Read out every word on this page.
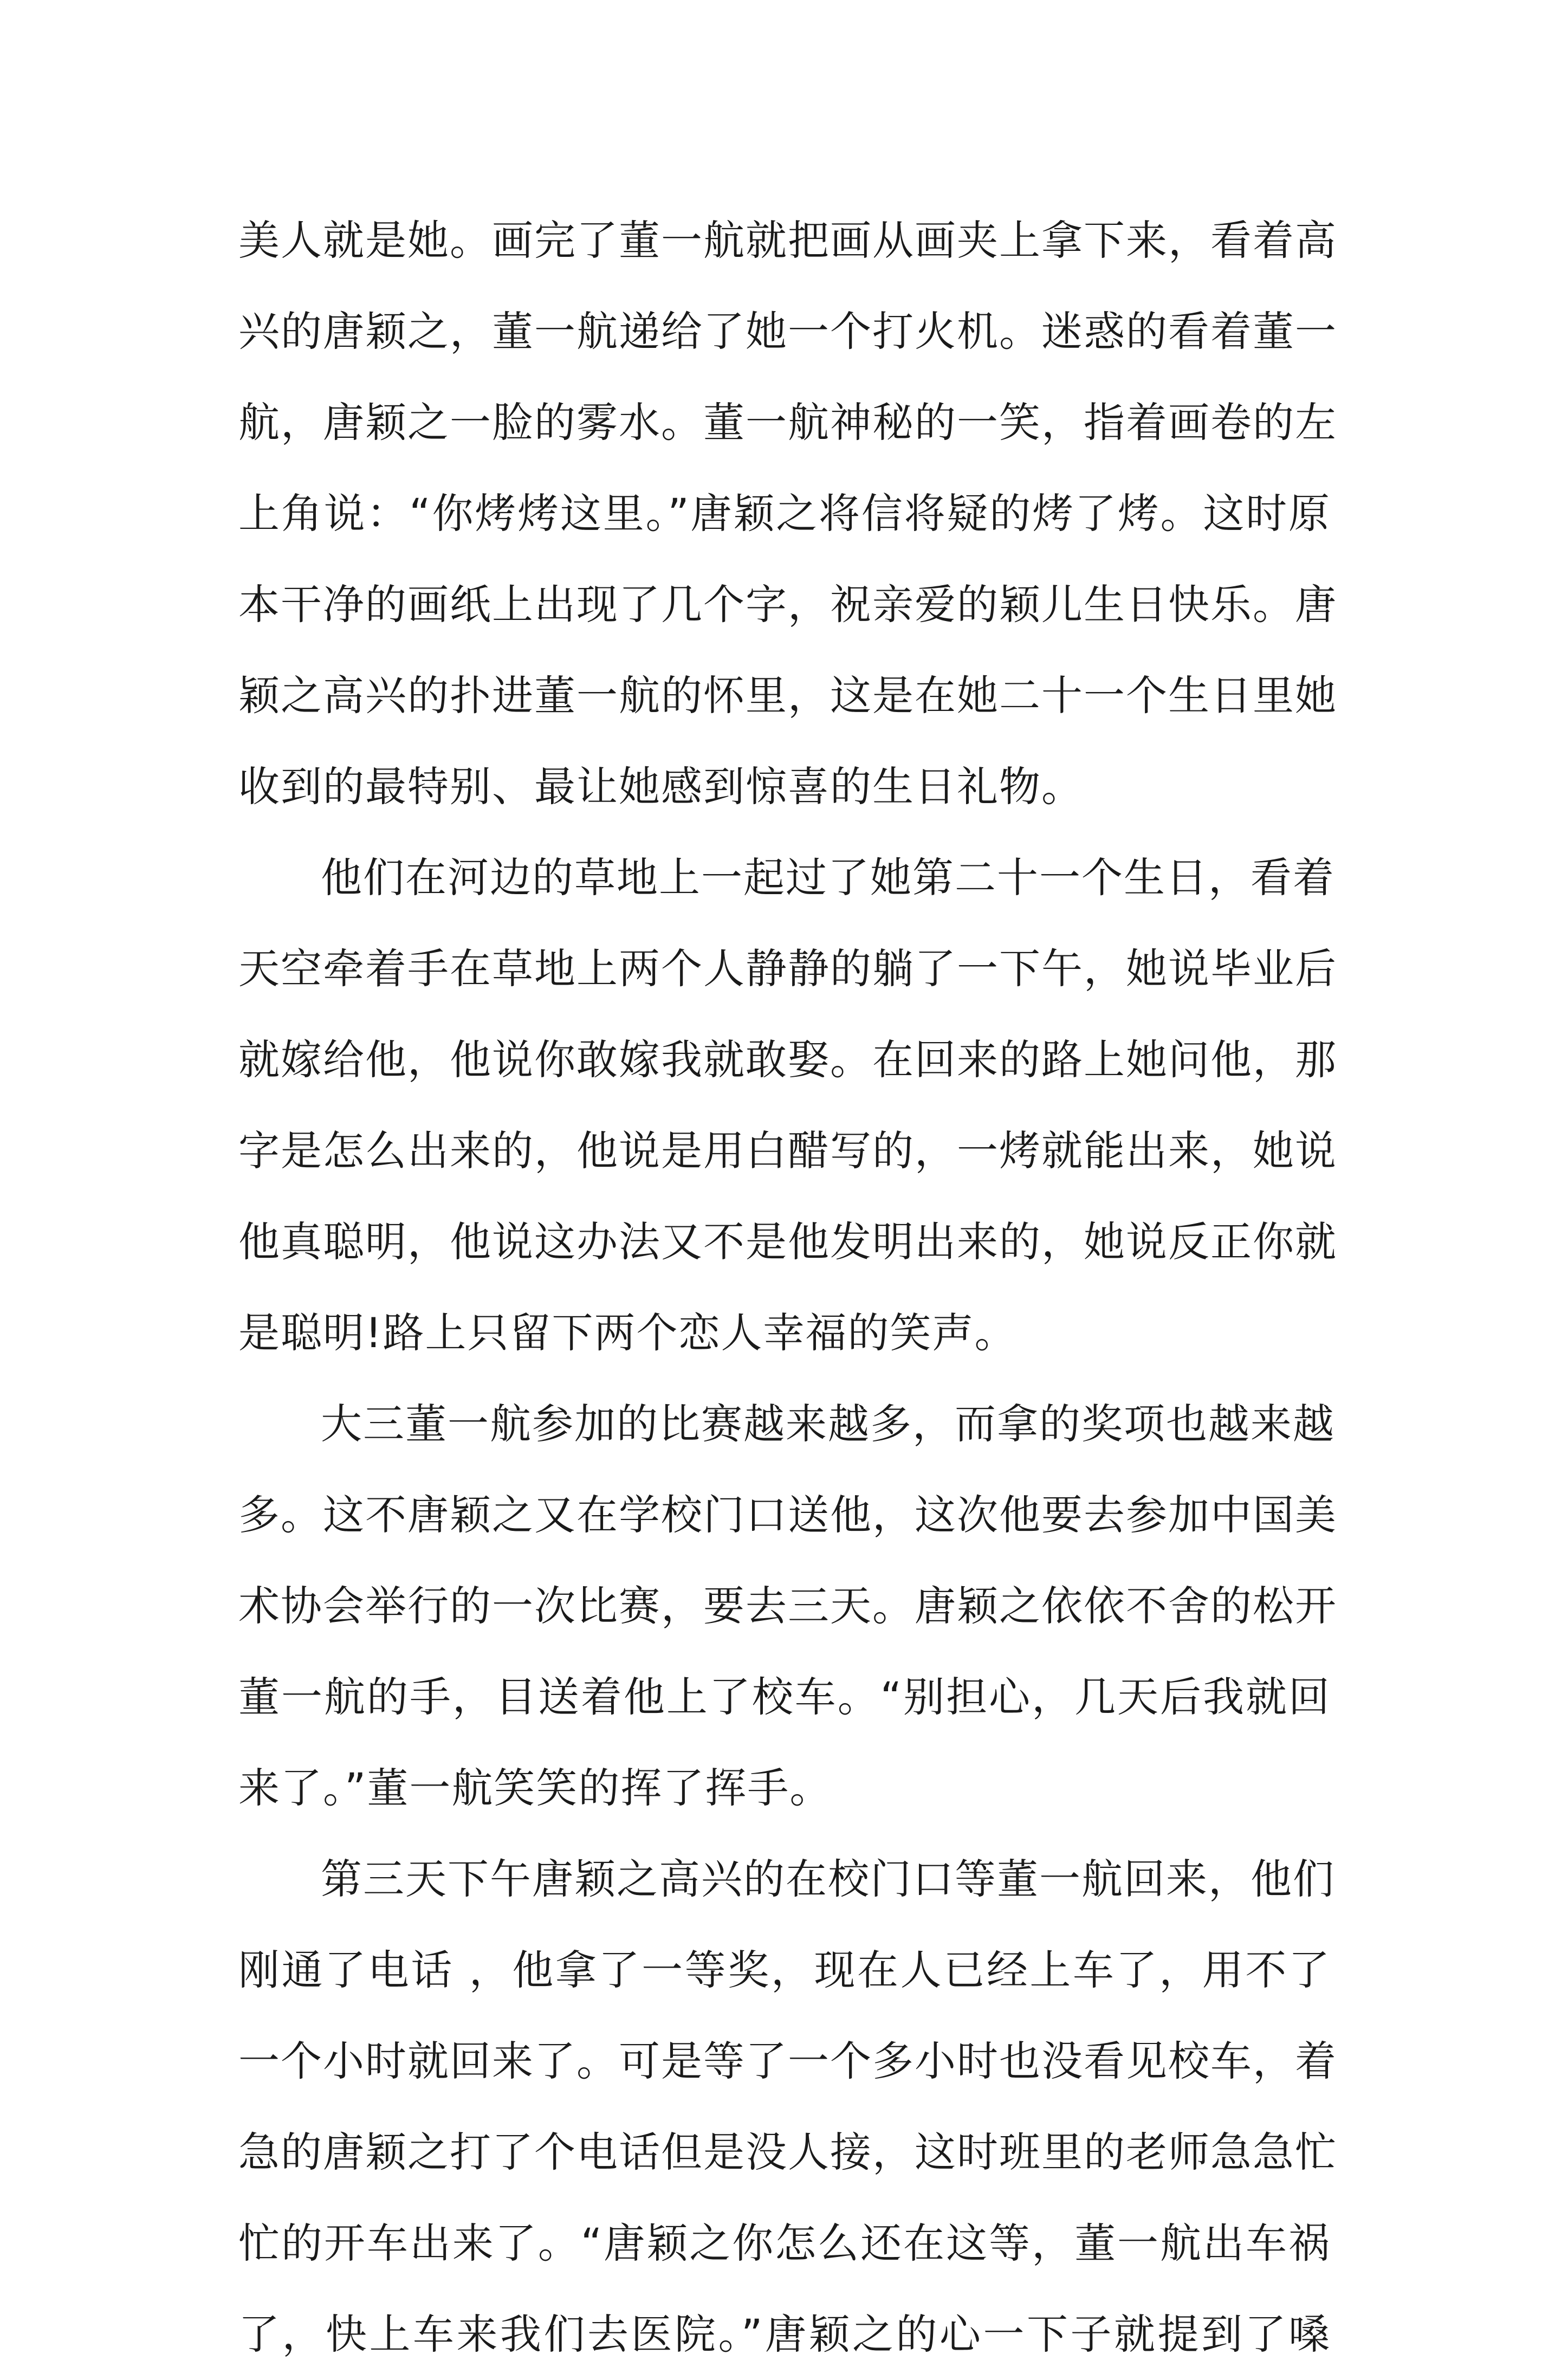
美人就是她。画完了董一航就把画从画夹上拿下来，看着高
兴的唐颖之，董一航递给了她一个打火机。迷惑的看着董一
航，唐颖之一脸的雾水。董一航神秘的一笑，指着画卷的左
上角说：“你烤烤这里。”唐颖之将信将疑的烤了烤。这时原
本干净的画纸上出现了几个字，祝亲爱的颖儿生日快乐。唐
颖之高兴的扑进董一航的怀里，这是在她二十一个生日里她
收到的最特别、最让她感到惊喜的生日礼物。
他们在河边的草地上一起过了她第二十一个生日，看着
天空牵着手在草地上两个人静静的躺了一下午，她说毕业后
就嫁给他，他说你敢嫁我就敢娶。在回来的路上她问他，那
字是怎么出来的，他说是用白醋写的，一烤就能出来，她说
他真聪明，他说这办法又不是他发明出来的，她说反正你就
是聪明!路上只留下两个恋人幸福的笑声。
大三董一航参加的比赛越来越多，而拿的奖项也越来越
多。这不唐颖之又在学校门口送他，这次他要去参加中国美
术协会举行的一次比赛，要去三天。唐颖之依依不舍的松开
董一航的手，目送着他上了校车。“别担心，几天后我就回
来了。”董一航笑笑的挥了挥手。
第三天下午唐颖之高兴的在校门口等董一航回来，他们
刚通了电话 ，他拿了一等奖，现在人已经上车了，用不了
一个小时就回来了。可是等了一个多小时也没看见校车，着
急的唐颖之打了个电话但是没人接，这时班里的老师急急忙
忙的开车出来了。“唐颖之你怎么还在这等，董一航出车祸
了，快上车来我们去医院。”唐颖之的心一下子就提到了嗓
